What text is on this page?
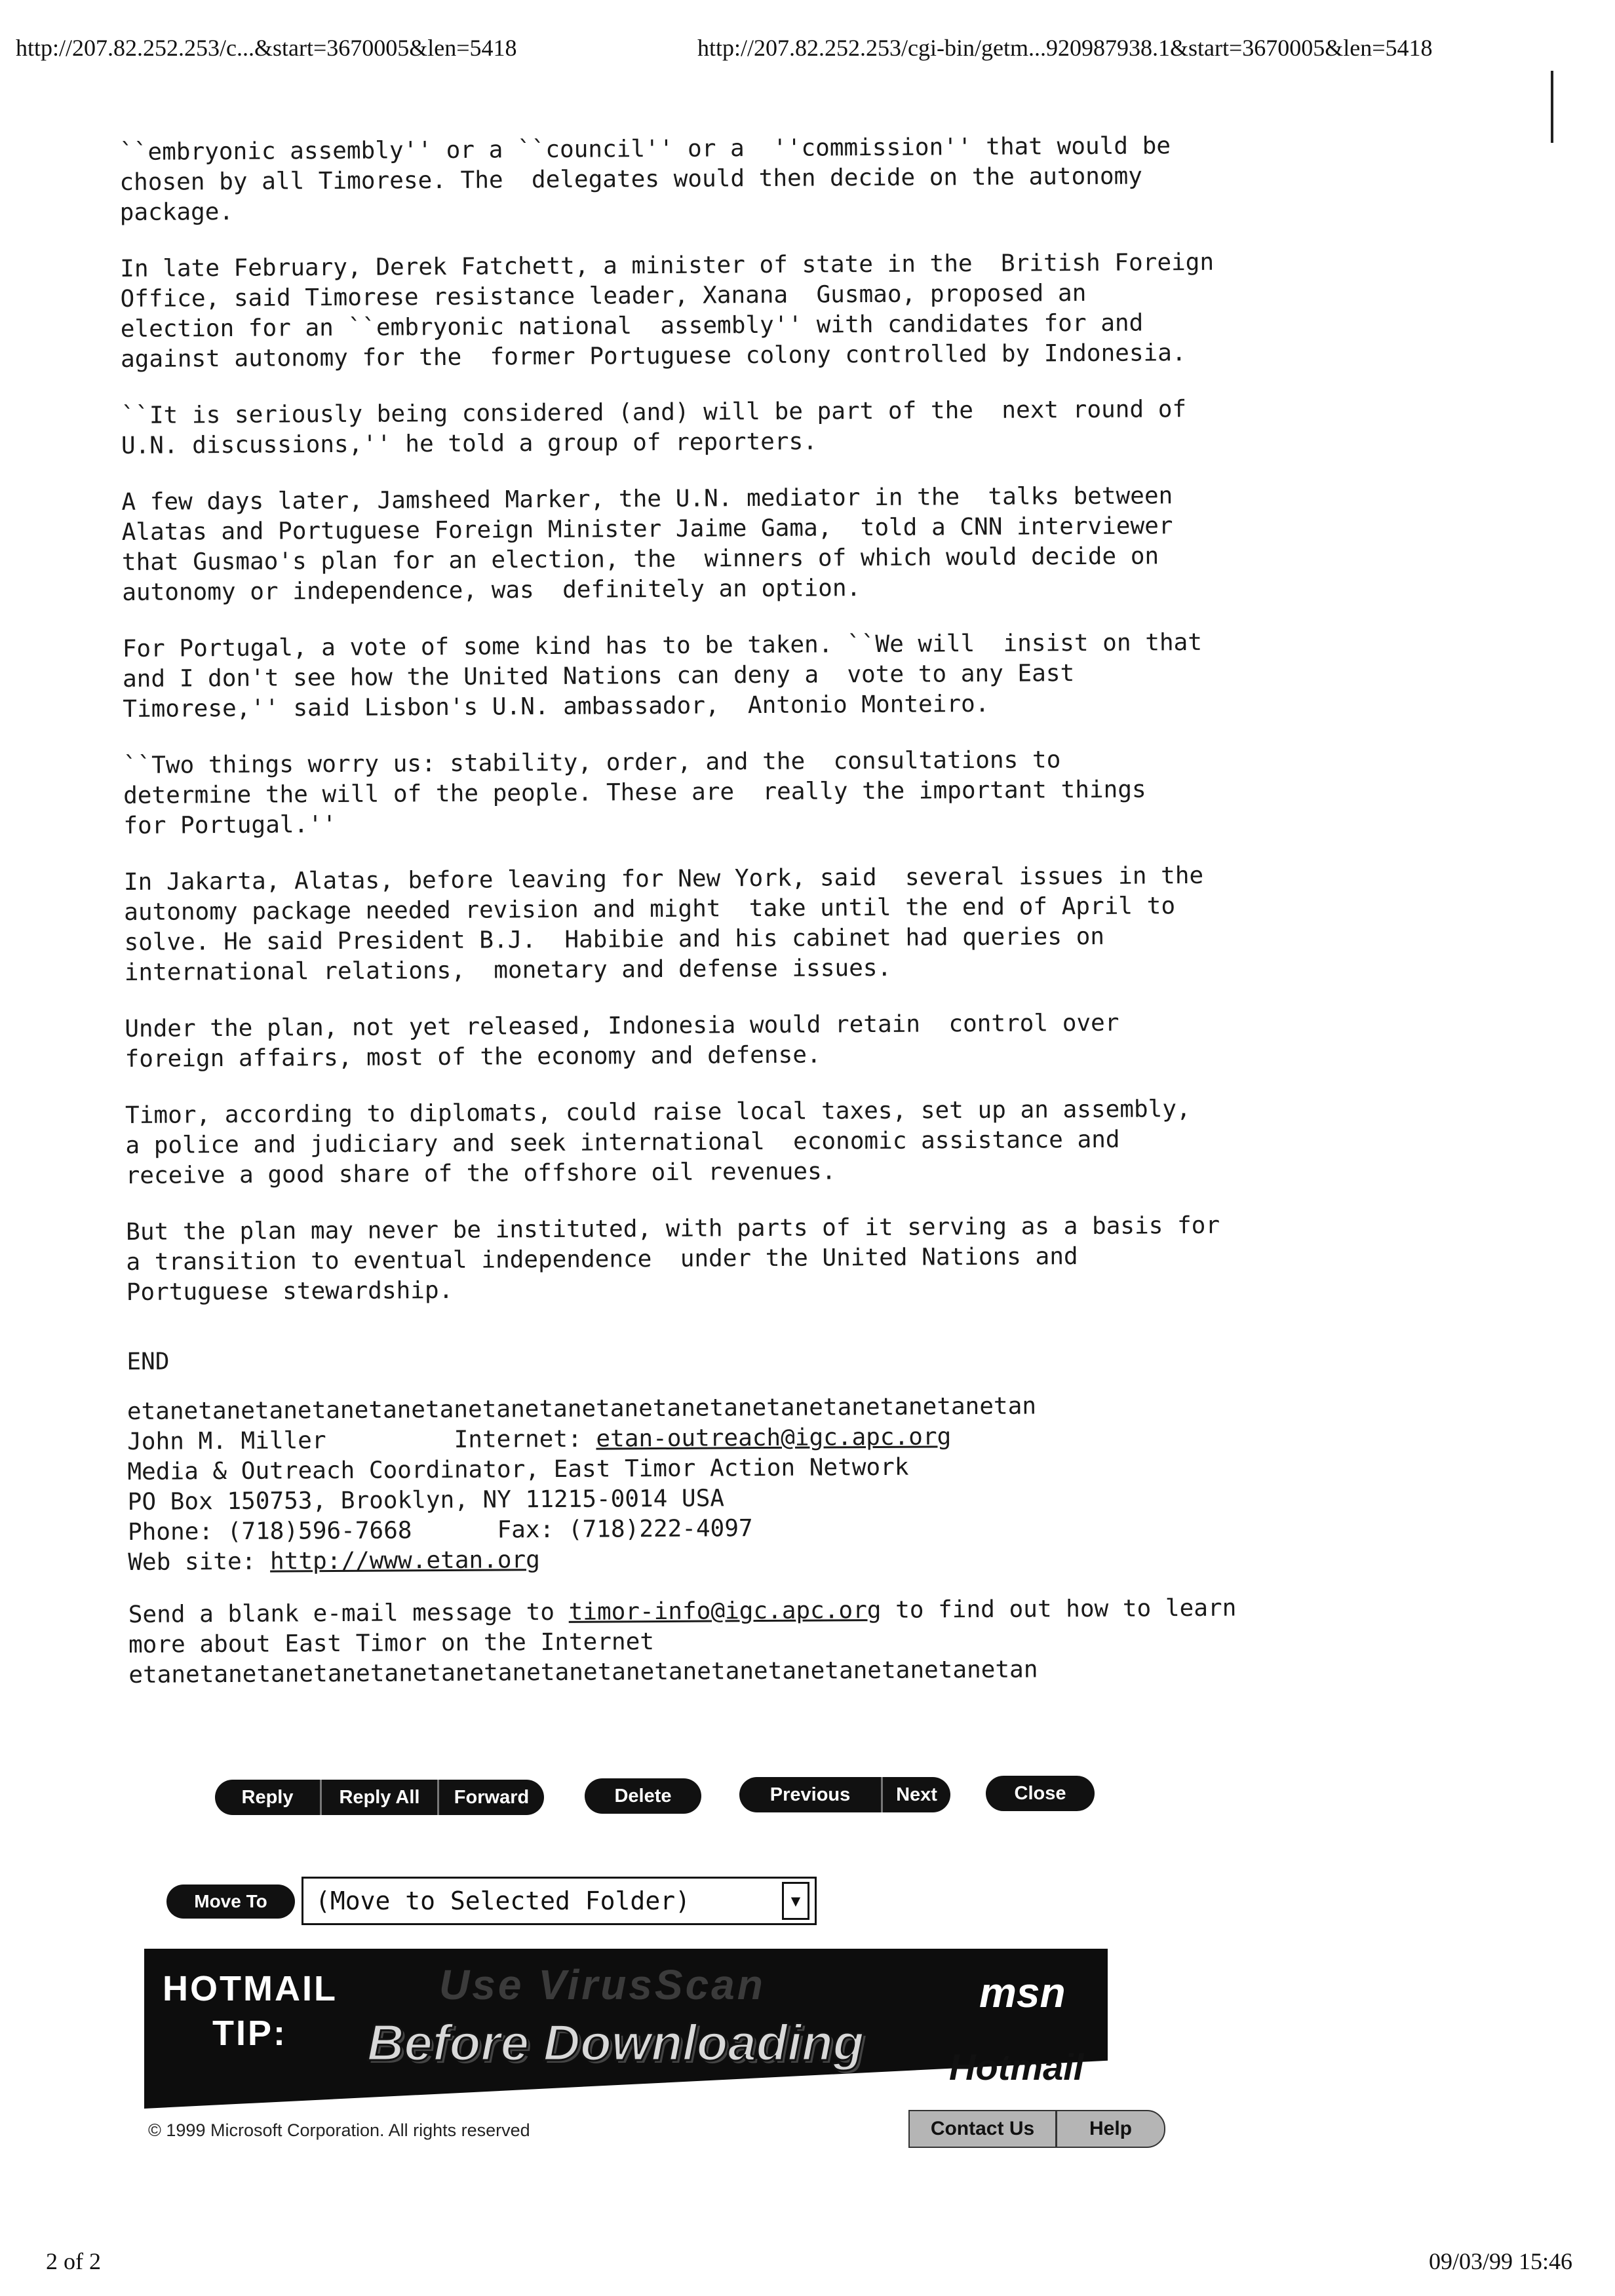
http://207.82.252.253/c...&start=3670005&len=5418	http://207.82.252.253/cgi-bin/getm...920987938.1&start=3670005&len=5418
``embryonic assembly'' or a ``council'' or a  ''commission'' that would be
chosen by all Timorese. The  delegates would then decide on the autonomy
package.
In late February, Derek Fatchett, a minister of state in the  British Foreign
Office, said Timorese resistance leader, Xanana  Gusmao, proposed an
election for an ``embryonic national  assembly'' with candidates for and
against autonomy for the  former Portuguese colony controlled by Indonesia.
``It is seriously being considered (and) will be part of the  next round of
U.N. discussions,'' he told a group of reporters.
A few days later, Jamsheed Marker, the U.N. mediator in the  talks between
Alatas and Portuguese Foreign Minister Jaime Gama,  told a CNN interviewer
that Gusmao's plan for an election, the  winners of which would decide on
autonomy or independence, was  definitely an option.
For Portugal, a vote of some kind has to be taken. ``We will  insist on that
and I don't see how the United Nations can deny a  vote to any East
Timorese,'' said Lisbon's U.N. ambassador,  Antonio Monteiro.
``Two things worry us: stability, order, and the  consultations to
determine the will of the people. These are  really the important things
for Portugal.''
In Jakarta, Alatas, before leaving for New York, said  several issues in the
autonomy package needed revision and might  take until the end of April to
solve. He said President B.J.  Habibie and his cabinet had queries on
international relations,  monetary and defense issues.
Under the plan, not yet released, Indonesia would retain  control over
foreign affairs, most of the economy and defense.
Timor, according to diplomats, could raise local taxes, set up an assembly,
a police and judiciary and seek international  economic assistance and
receive a good share of the offshore oil revenues.
But the plan may never be instituted, with parts of it serving as a basis for
a transition to eventual independence  under the United Nations and
Portuguese stewardship.
END
etanetanetanetanetanetanetanetanetanetanetanetanetanetanetanetan
John M. Miller         Internet: etan-outreach@igc.apc.org
Media & Outreach Coordinator, East Timor Action Network
PO Box 150753, Brooklyn, NY 11215-0014 USA
Phone: (718)596-7668      Fax: (718)222-4097
Web site: http://www.etan.org
Send a blank e-mail message to timor-info@igc.apc.org to find out how to learn
more about East Timor on the Internet
etanetanetanetanetanetanetanetanetanetanetanetanetanetanetanetan
Reply	Reply All	Forward	Delete	Previous	Next	Close
Move To	(Move to Selected Folder)	▼
HOTMAIL
TIP:
Use VirusScan
Before Downloading
msn
Hotmail
© 1999 Microsoft Corporation. All rights reserved	Contact Us	Help
2 of 2	09/03/99 15:46
